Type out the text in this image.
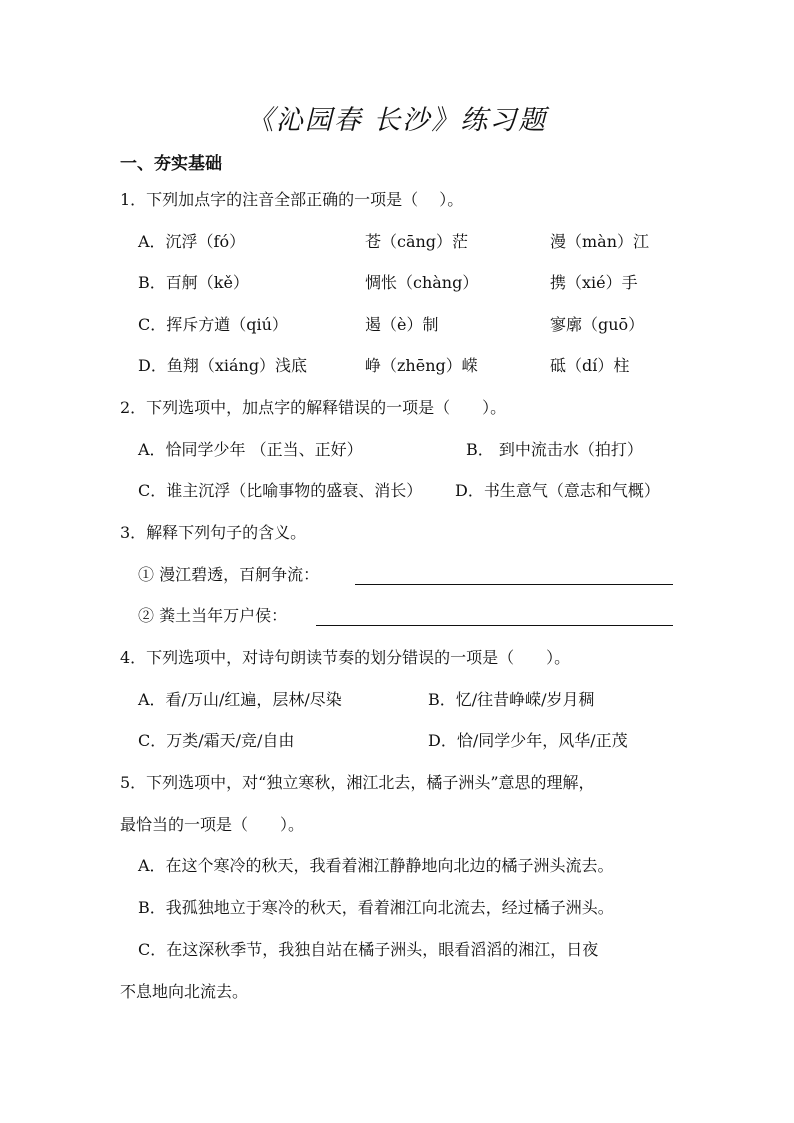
《沁园春 长沙》练习题
一、夯实基础
1．下列加点字的注音全部正确的一项是（　 ）。
A．沉浮（fó）	苍（cāng）茫	漫（màn）江
B．百舸（kě）	惆怅（chàng）	携（xié）手
C．挥斥方遒（qiú）	遏（è）制	寥廓（guō）
D．鱼翔（xiáng）浅底	峥（zhēng）嵘	砥（dí）柱
2．下列选项中，加点字的解释错误的一项是（　　）。
A．恰同学少年 （正当、正好）	B． 到中流击水（拍打）
C．谁主沉浮（比喻事物的盛衰、消长） D．书生意气（意志和气概）
3．解释下列句子的含义。
① 漫江碧透，百舸争流：
② 粪土当年万户侯：
4．下列选项中，对诗句朗读节奏的划分错误的一项是（　　）。
A．看/万山/红遍，层林/尽染	B．忆/往昔峥嵘/岁月稠
C．万类/霜天/竞/自由	D．恰/同学少年，风华/正茂
5．下列选项中，对“独立寒秋，湘江北去，橘子洲头”意思的理解，
最恰当的一项是（　　）。
A．在这个寒冷的秋天，我看着湘江静静地向北边的橘子洲头流去。
B．我孤独地立于寒冷的秋天，看着湘江向北流去，经过橘子洲头。
C．在这深秋季节，我独自站在橘子洲头，眼看滔滔的湘江，日夜
不息地向北流去。
